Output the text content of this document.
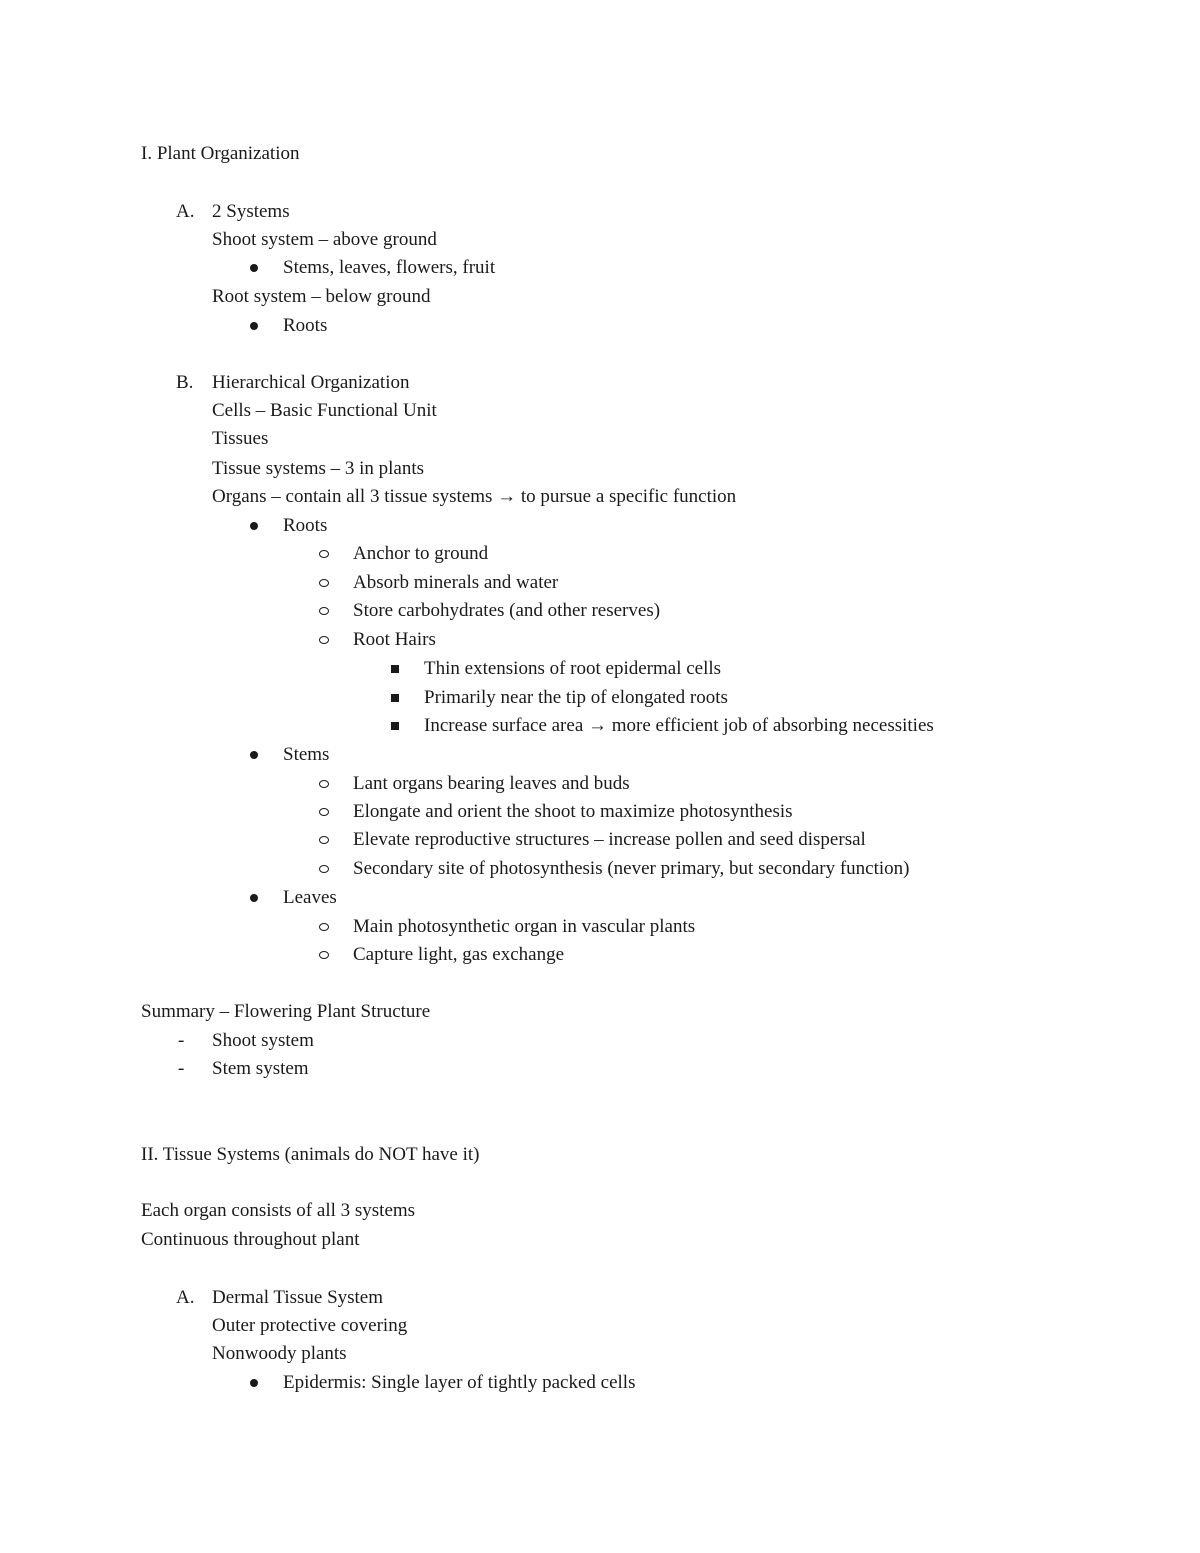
I. Plant Organization
A. 2 Systems
Shoot system – above ground
Stems, leaves, flowers, fruit
Root system – below ground
Roots
B. Hierarchical Organization
Cells – Basic Functional Unit
Tissues
Tissue systems – 3 in plants
Organs – contain all 3 tissue systems → to pursue a specific function
Roots
Anchor to ground
Absorb minerals and water
Store carbohydrates (and other reserves)
Root Hairs
Thin extensions of root epidermal cells
Primarily near the tip of elongated roots
Increase surface area → more efficient job of absorbing necessities
Stems
Lant organs bearing leaves and buds
Elongate and orient the shoot to maximize photosynthesis
Elevate reproductive structures – increase pollen and seed dispersal
Secondary site of photosynthesis (never primary, but secondary function)
Leaves
Main photosynthetic organ in vascular plants
Capture light, gas exchange
Summary – Flowering Plant Structure
- Shoot system
- Stem system
II. Tissue Systems (animals do NOT have it)
Each organ consists of all 3 systems
Continuous throughout plant
A. Dermal Tissue System
Outer protective covering
Nonwoody plants
Epidermis: Single layer of tightly packed cells
